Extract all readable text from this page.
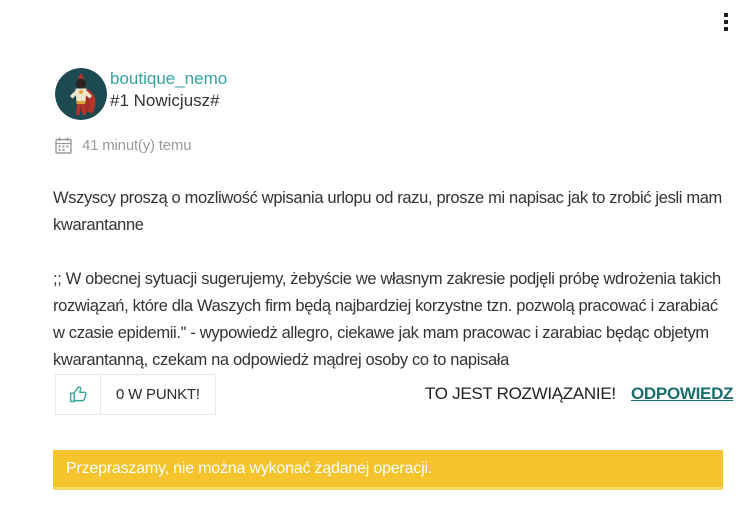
boutique_nemo
#1 Nowicjusz#
41 minut(y) temu

Wszyscy proszą o mozliwość wpisania urlopu od razu, prosze mi napisac jak to zrobić jesli mam kwarantanne

;; W obecnej sytuacji sugerujemy, żebyście we własnym zakresie podjęli próbę wdrożenia takich rozwiązań, które dla Waszych firm będą najbardziej korzystne tzn. pozwolą pracować i zarabiać w czasie epidemii.'' - wypowiedż allegro, ciekawe jak mam pracowac i zarabiac będąc objetym kwarantanną, czekam na odpowiedż mądrej osoby co to napisała

0 W PUNKT!	TO JEST ROZWIĄZANIE! ODPOWIEDZ
Przepraszamy, nie można wykonać żądanej operacji.
